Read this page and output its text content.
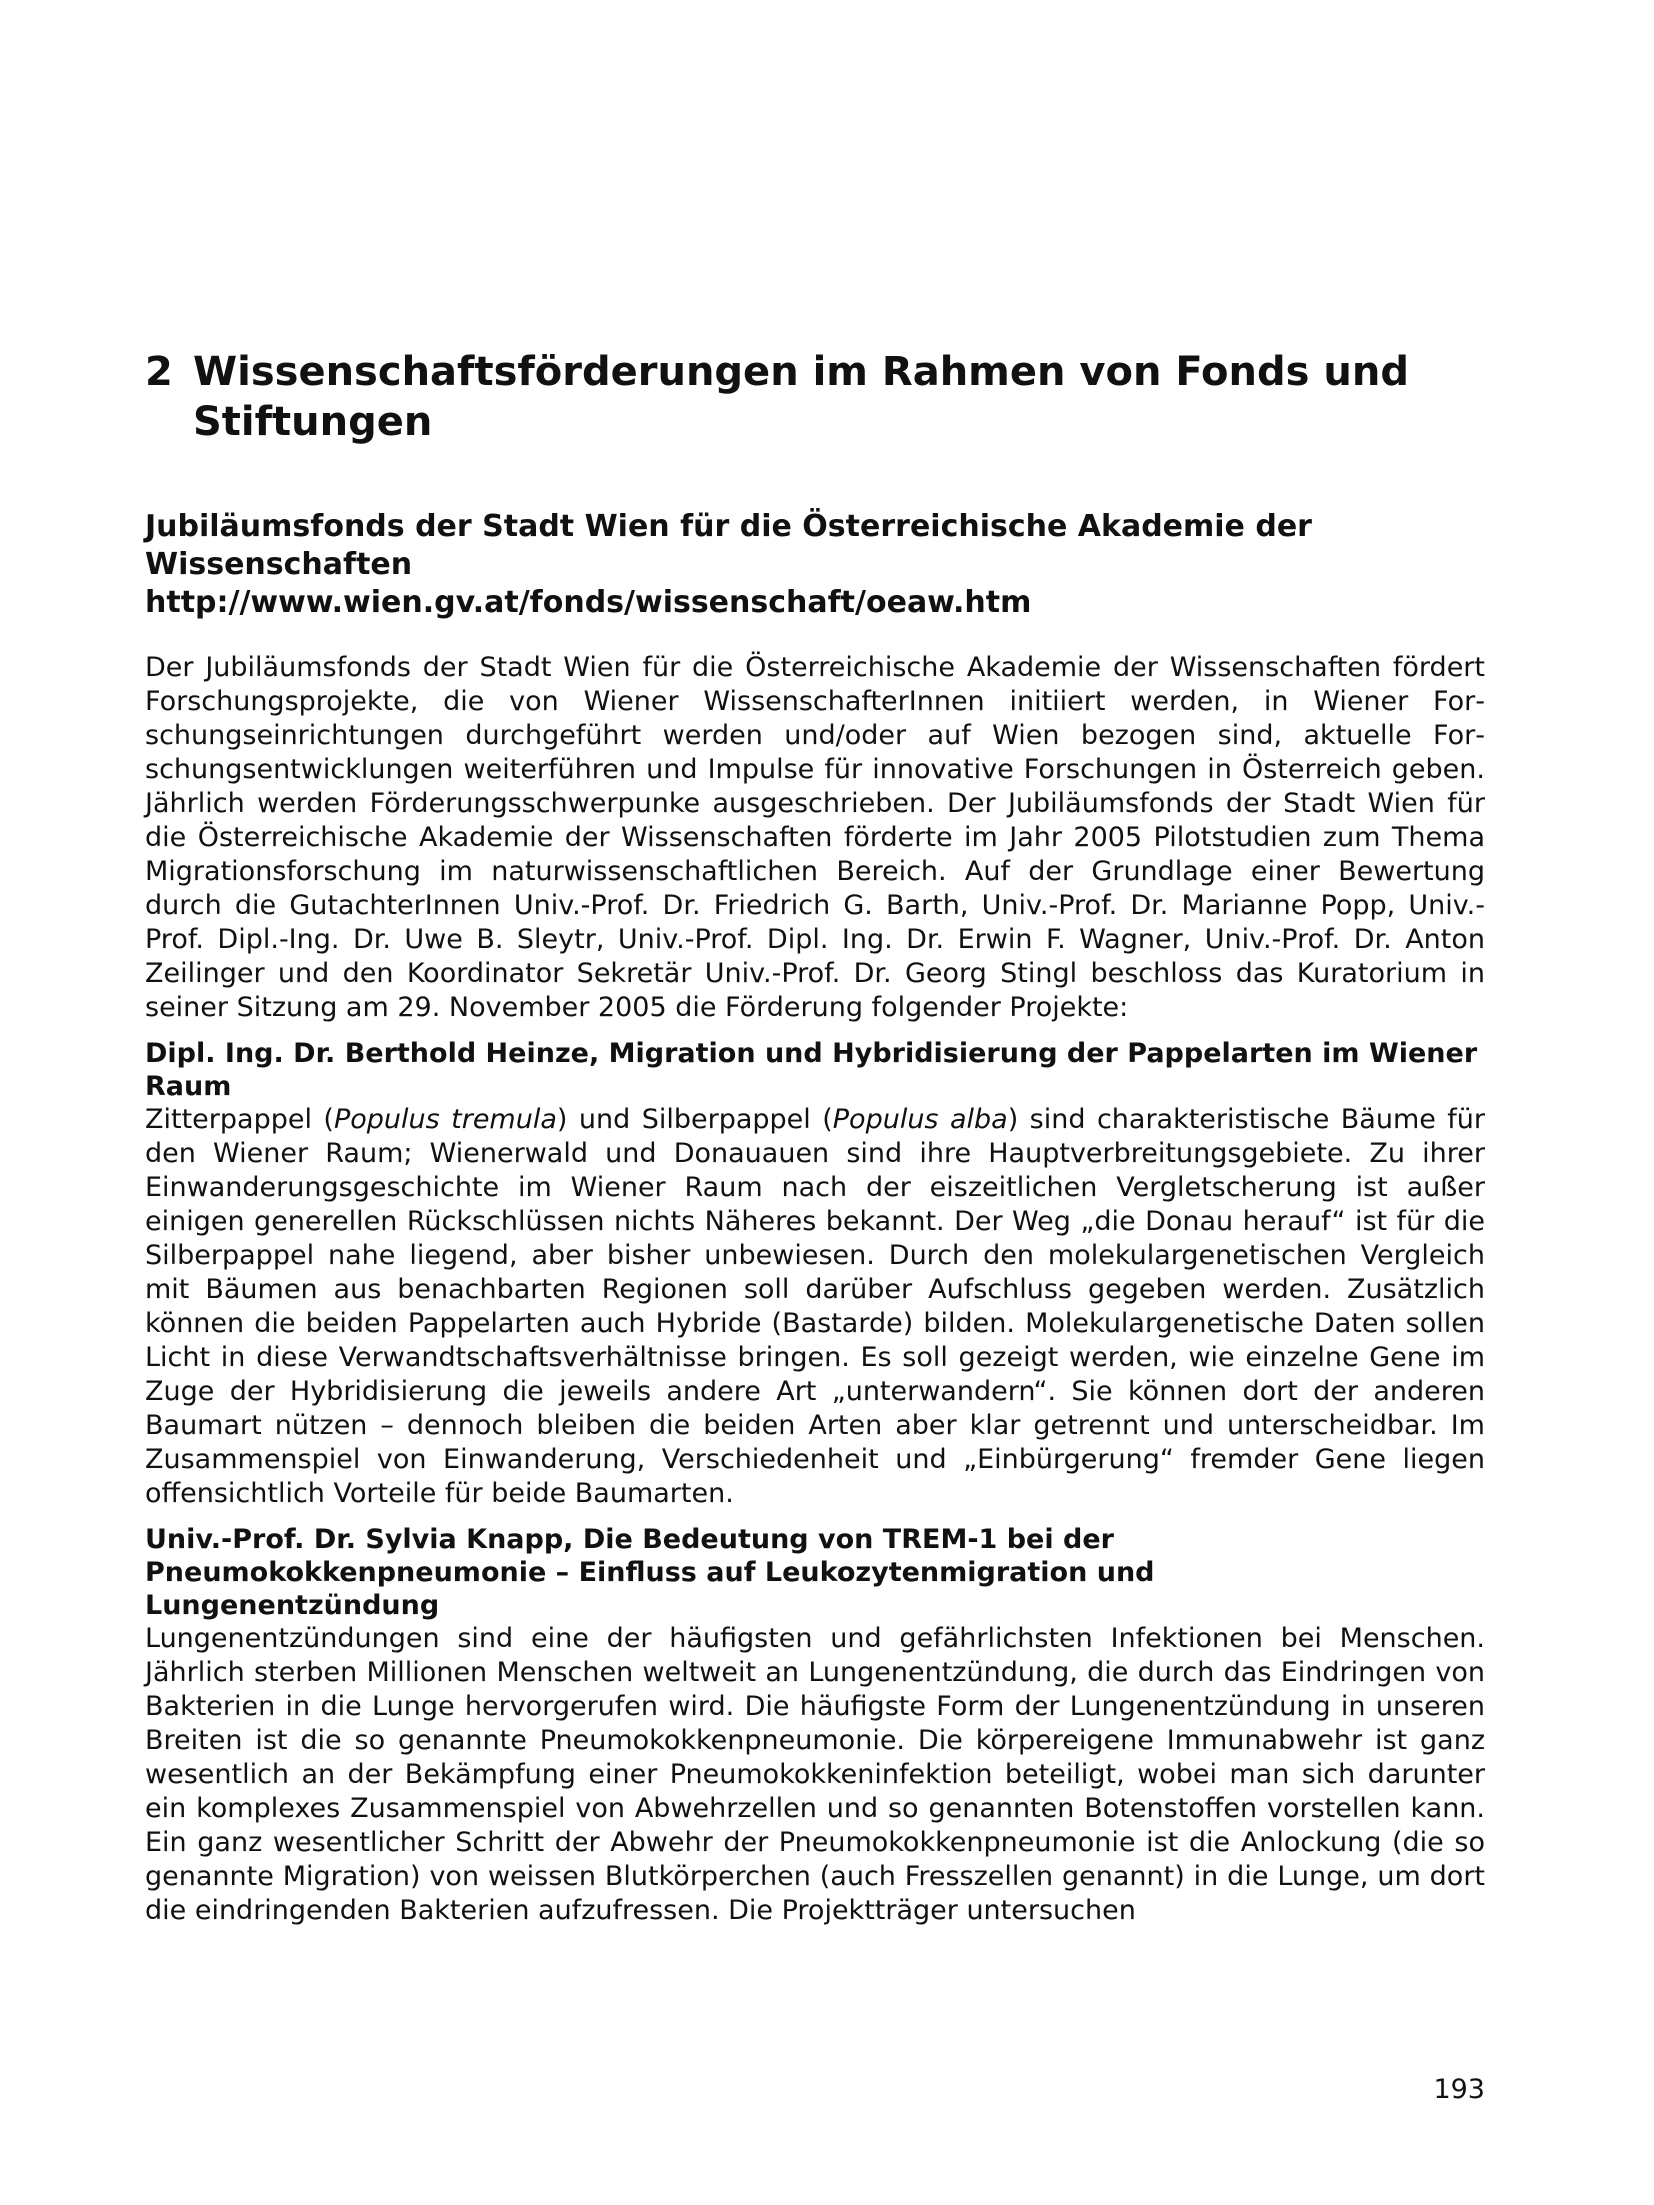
2 Wissenschaftsförderungen im Rahmen von Fonds und Stiftungen
Jubiläumsfonds der Stadt Wien für die Österreichische Akademie der Wissenschaften
http://www.wien.gv.at/fonds/wissenschaft/oeaw.htm

Der Jubiläumsfonds der Stadt Wien für die Österreichische Akademie der Wissenschaften fördert Forschungsprojekte, die von Wiener WissenschafterInnen initiiert werden, in Wiener Forschungseinrichtungen durchgeführt werden und/oder auf Wien bezogen sind, aktuelle Forschungsentwicklungen weiterführen und Impulse für innovative Forschungen in Österreich geben. Jährlich werden Förderungsschwerpunke ausgeschrieben. Der Jubiläumsfonds der Stadt Wien für die Österreichische Akademie der Wissenschaften förderte im Jahr 2005 Pilotstudien zum Thema Migrationsforschung im naturwissenschaftlichen Bereich. Auf der Grundlage einer Bewertung durch die GutachterInnen Univ.-Prof. Dr. Friedrich G. Barth, Univ.-Prof. Dr. Marianne Popp, Univ.-Prof. Dipl.-Ing. Dr. Uwe B. Sleytr, Univ.-Prof. Dipl. Ing. Dr. Erwin F. Wagner, Univ.-Prof. Dr. Anton Zeilinger und den Koordinator Sekretär Univ.-Prof. Dr. Georg Stingl beschloss das Kuratorium in seiner Sitzung am 29. November 2005 die Förderung folgender Projekte:

Dipl. Ing. Dr. Berthold Heinze, Migration und Hybridisierung der Pappelarten im Wiener Raum

Zitterpappel (Populus tremula) und Silberpappel (Populus alba) sind charakteristische Bäume für den Wiener Raum; Wienerwald und Donauauen sind ihre Hauptverbreitungsgebiete. Zu ihrer Einwanderungsgeschichte im Wiener Raum nach der eiszeitlichen Vergletscherung ist außer einigen generellen Rückschlüssen nichts Näheres bekannt. Der Weg „die Donau herauf“ ist für die Silberpappel nahe liegend, aber bisher unbewiesen. Durch den molekulargenetischen Vergleich mit Bäumen aus benachbarten Regionen soll darüber Aufschluss gegeben werden. Zusätzlich können die beiden Pappelarten auch Hybride (Bastarde) bilden. Molekulargenetische Daten sollen Licht in diese Verwandtschaftsverhältnisse bringen. Es soll gezeigt werden, wie einzelne Gene im Zuge der Hybridisierung die jeweils andere Art „unterwandern“. Sie können dort der anderen Baumart nützen – dennoch bleiben die beiden Arten aber klar getrennt und unterscheidbar. Im Zusammenspiel von Einwanderung, Verschiedenheit und „Einbürgerung“ fremder Gene liegen offensichtlich Vorteile für beide Baumarten.

Univ.-Prof. Dr. Sylvia Knapp, Die Bedeutung von TREM-1 bei der
Pneumokokkenpneumonie – Einfluss auf Leukozytenmigration und
Lungenentzündung

Lungenentzündungen sind eine der häufigsten und gefährlichsten Infektionen bei Menschen. Jährlich sterben Millionen Menschen weltweit an Lungenentzündung, die durch das Eindringen von Bakterien in die Lunge hervorgerufen wird. Die häufigste Form der Lungenentzündung in unseren Breiten ist die so genannte Pneumokokkenpneumonie. Die körpereigene Immunabwehr ist ganz wesentlich an der Bekämpfung einer Pneumokokkeninfektion beteiligt, wobei man sich darunter ein komplexes Zusammenspiel von Abwehrzellen und so genannten Botenstoffen vorstellen kann. Ein ganz wesentlicher Schritt der Abwehr der Pneumokokkenpneumonie ist die Anlockung (die so genannte Migration) von weissen Blutkörperchen (auch Fresszellen genannt) in die Lunge, um dort die eindringenden Bakterien aufzufressen. Die Projektträger untersuchen

193
